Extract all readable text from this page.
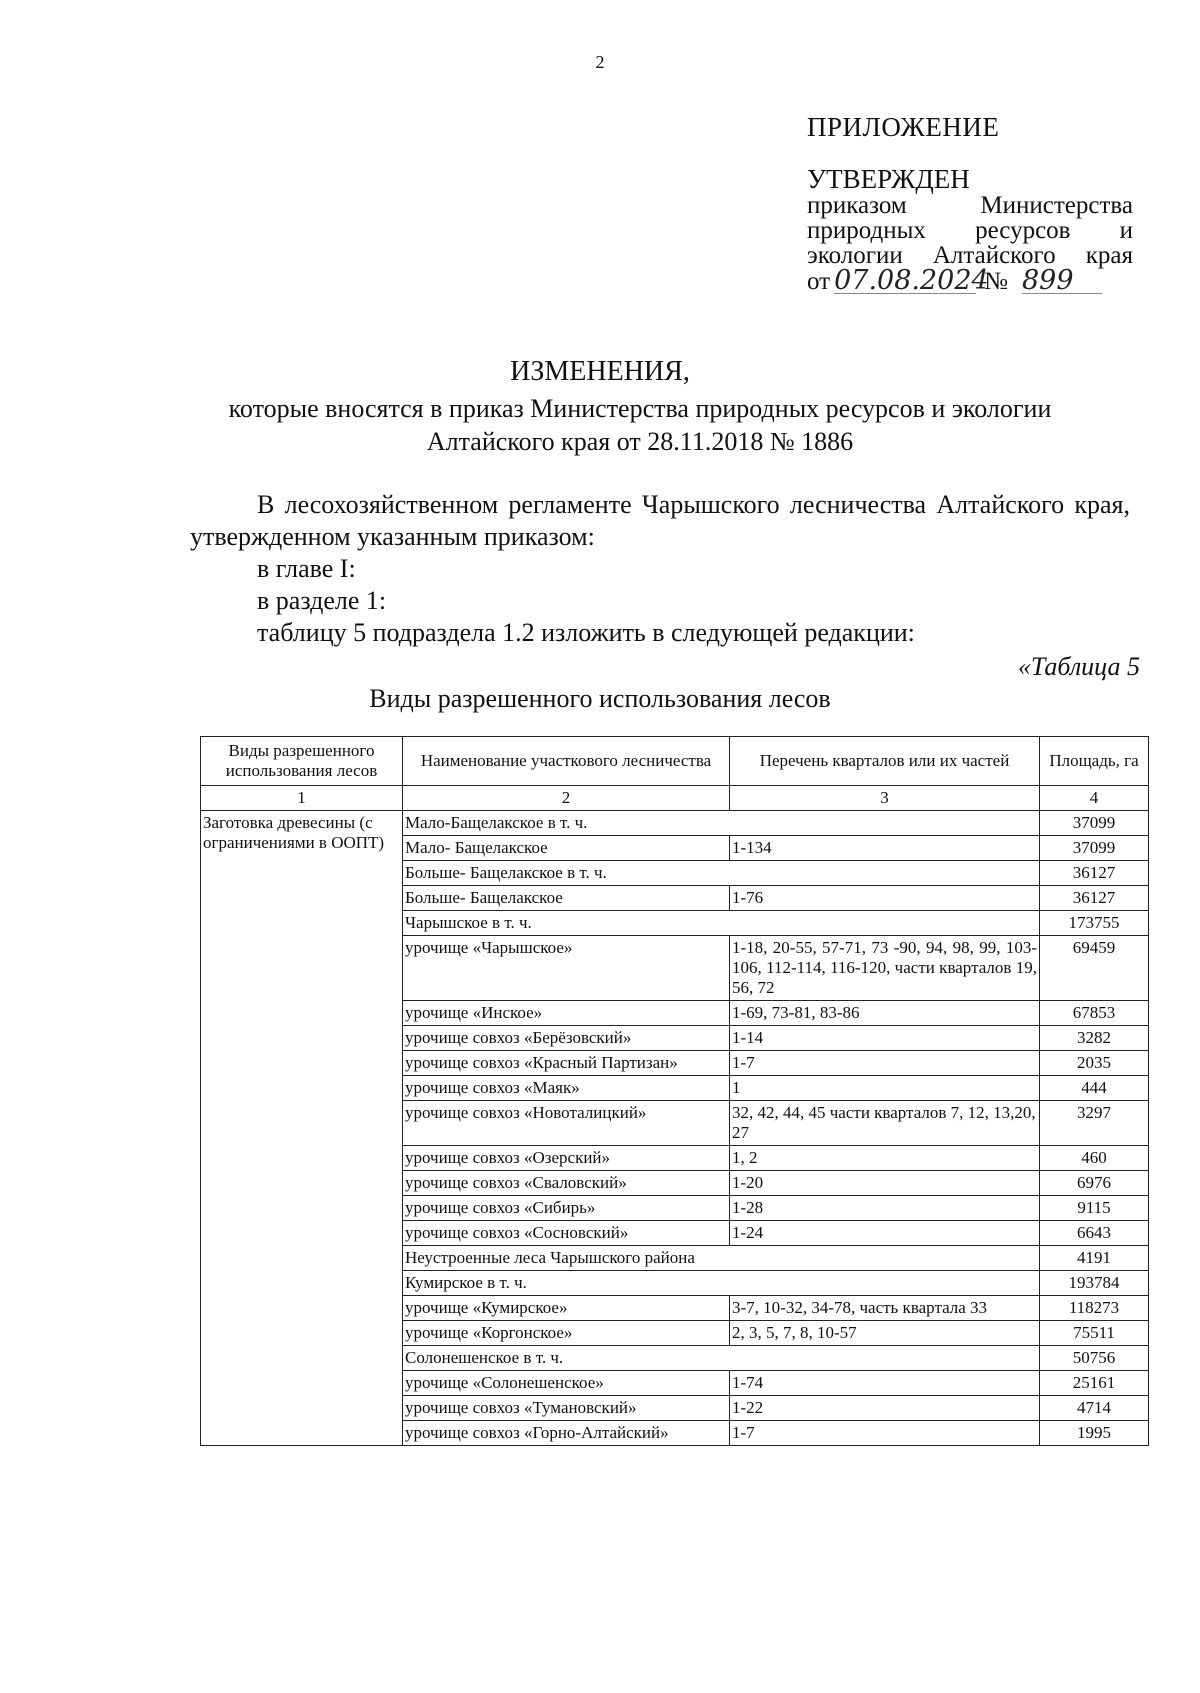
2
ПРИЛОЖЕНИЕ
УТВЕРЖДЕН
приказом Министерства
природных ресурсов и
экологии Алтайского края
от 07.08.2024№ 899
ИЗМЕНЕНИЯ,
которые вносятся в приказ Министерства природных ресурсов и экологии
Алтайского края от 28.11.2018 № 1886

В лесохозяйственном регламенте Чарышского лесничества Алтайского края, утвержденном указанным приказом:

в главе I:

в разделе 1:

таблицу 5 подраздела 1.2 изложить в следующей редакции:

«Таблица 5
Виды разрешенного использования лесов
Виды разрешенного использования лесов	Наименование участкового лесничества	Перечень кварталов или их частей	Площадь, га
1	2	3	4
Заготовка древесины (с ограничениями в ООПТ)	Мало-Бащелакское в т. ч.		37099
	Мало- Бащелакское	1-134	37099
	Больше- Бащелакское в т. ч.		36127
	Больше- Бащелакское	1-76	36127
	Чарышское в т. ч.		173755
	урочище «Чарышское»	1-18, 20-55, 57-71, 73 -90, 94, 98, 99, 103-106, 112-114, 116-120, части кварталов 19, 56, 72	69459
	урочище «Инское»	1-69, 73-81, 83-86	67853
	урочище совхоз «Берёзовский»	1-14	3282
	урочище совхоз «Красный Партизан»	1-7	2035
	урочище совхоз «Маяк»	1	444
	урочище совхоз «Новоталицкий»	32, 42, 44, 45 части кварталов 7, 12, 13,20, 27	3297
	урочище совхоз «Озерский»	1, 2	460
	урочище совхоз «Сваловский»	1-20	6976
	урочище совхоз «Сибирь»	1-28	9115
	урочище совхоз «Сосновский»	1-24	6643
	Неустроенные леса Чарышского района		4191
	Кумирское в т. ч.		193784
	урочище «Кумирское»	3-7, 10-32, 34-78, часть квартала 33	118273
	урочище «Коргонское»	2, 3, 5, 7, 8, 10-57	75511
	Солонешенское в т. ч.		50756
	урочище «Солонешенское»	1-74	25161
	урочище совхоз «Тумановский»	1-22	4714
	урочище совхоз «Горно-Алтайский»	1-7	1995
